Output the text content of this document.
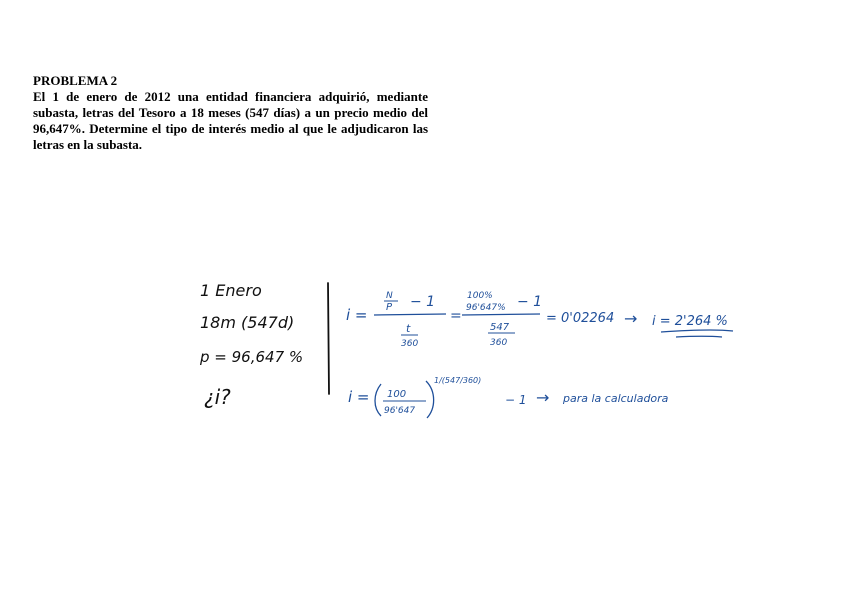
PROBLEMA 2
El 1 de enero de 2012 una entidad financiera adquirió, mediante subasta, letras del Tesoro a 18 meses (547 días) a un precio medio del 96,647%. Determine el tipo de interés medio al que le adjudicaron las letras en la subasta.
1 Enero
18m (547d)
p = 96,647 %
¿i?
i =
N
P − 1
t
360
=
100%
96'647% − 1
547
360
= 0'02264 → i = 2'264 %
i = 100
96'647
1/(547/360)
− 1 → para la calculadora
